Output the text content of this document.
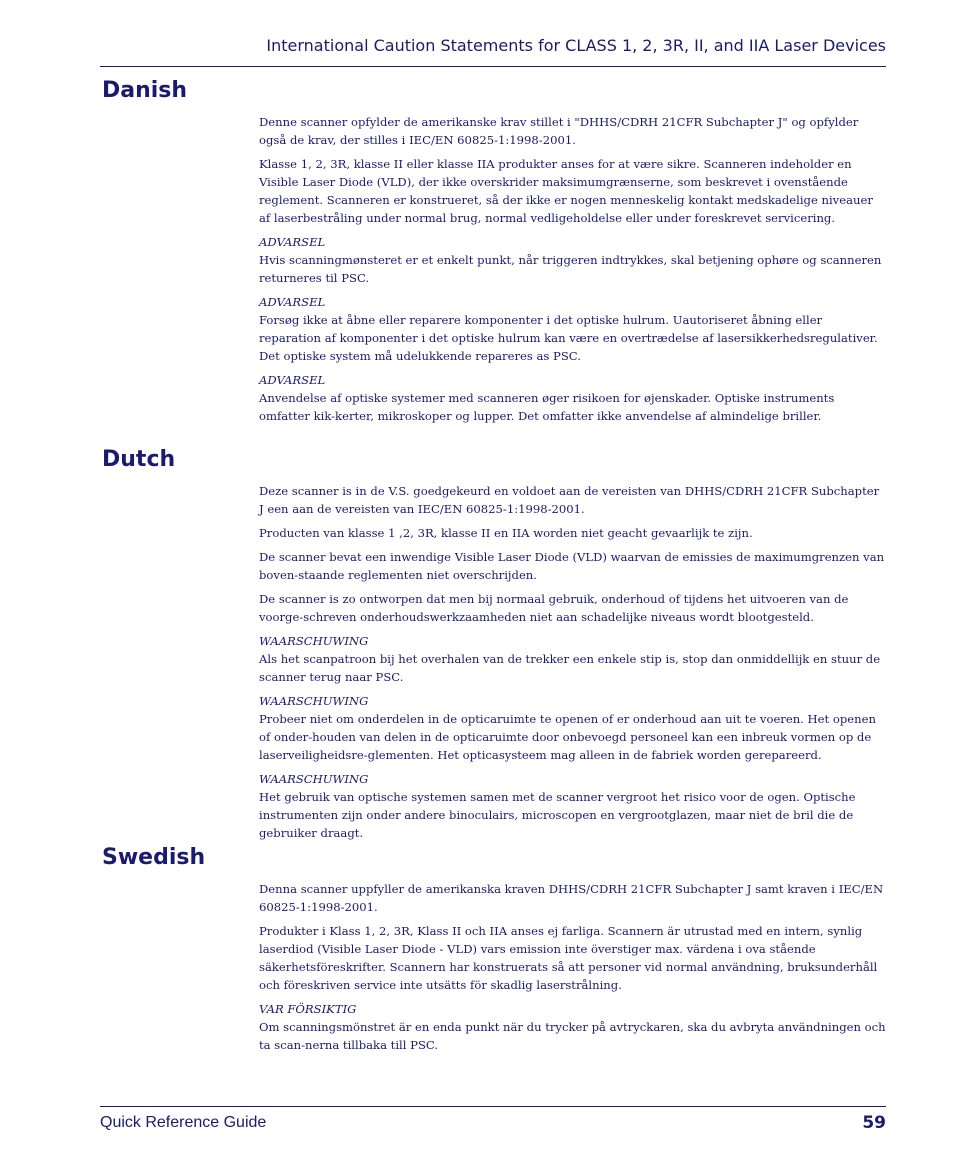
International Caution Statements for CLASS 1, 2, 3R, II, and IIA Laser Devices
Danish

Denne scanner opfylder de amerikanske krav stillet i "DHHS/CDRH 21CFR Subchapter J" og opfylder også de krav, der stilles i IEC/EN 60825-1:1998-2001.

Klasse 1, 2, 3R, klasse II eller klasse IIA produkter anses for at være sikre. Scanneren indeholder en Visible Laser Diode (VLD), der ikke overskrider maksimumgrænserne, som beskrevet i ovenstående reglement. Scanneren er konstrueret, så der ikke er nogen menneskelig kontakt medskadelige niveauer af laserbestråling under normal brug, normal vedligeholdelse eller under foreskrevet servicering.

ADVARSEL

Hvis scanningmønsteret er et enkelt punkt, når triggeren indtrykkes, skal betjening ophøre og scanneren returneres til PSC.

ADVARSEL

Forsøg ikke at åbne eller reparere komponenter i det optiske hulrum. Uautoriseret åbning eller reparation af komponenter i det optiske hulrum kan være en overtrædelse af lasersikkerhedsregulativer. Det optiske system må udelukkende repareres as PSC.

ADVARSEL

Anvendelse af optiske systemer med scanneren øger risikoen for øjenskader. Optiske instruments omfatter kik-kerter, mikroskoper og lupper. Det omfatter ikke anvendelse af almindelige briller.

Dutch

Deze scanner is in de V.S. goedgekeurd en voldoet aan de vereisten van DHHS/CDRH 21CFR Subchapter J een aan de vereisten van IEC/EN 60825-1:1998-2001.

Producten van klasse 1 ,2, 3R, klasse II en IIA worden niet geacht gevaarlijk te zijn.

De scanner bevat een inwendige Visible Laser Diode (VLD) waarvan de emissies de maximumgrenzen van boven-staande reglementen niet overschrijden.

De scanner is zo ontworpen dat men bij normaal gebruik, onderhoud of tijdens het uitvoeren van de voorge-schreven onderhoudswerkzaamheden niet aan schadelijke niveaus wordt blootgesteld.

WAARSCHUWING

Als het scanpatroon bij het overhalen van de trekker een enkele stip is, stop dan onmiddellijk en stuur de scanner terug naar PSC.

WAARSCHUWING

Probeer niet om onderdelen in de opticaruimte te openen of er onderhoud aan uit te voeren. Het openen of onder-houden van delen in de opticaruimte door onbevoegd personeel kan een inbreuk vormen op de laserveiligheidsre-glementen. Het opticasysteem mag alleen in de fabriek worden gerepareerd.

WAARSCHUWING

Het gebruik van optische systemen samen met de scanner vergroot het risico voor de ogen. Optische instrumenten zijn onder andere binoculairs, microscopen en vergrootglazen, maar niet de bril die de gebruiker draagt.

Swedish

Denna scanner uppfyller de amerikanska kraven DHHS/CDRH 21CFR Subchapter J samt kraven i IEC/EN 60825-1:1998-2001.

Produkter i Klass 1, 2, 3R, Klass II och IIA anses ej farliga. Scannern är utrustad med en intern, synlig laserdiod (Visible Laser Diode - VLD) vars emission inte överstiger max. värdena i ova stående säkerhetsföreskrifter. Scannern har konstruerats så att personer vid normal användning, bruksunderhåll och föreskriven service inte utsätts för skadlig laserstrålning.

VAR FÖRSIKTIG

Om scanningsmönstret är en enda punkt när du trycker på avtryckaren, ska du avbryta användningen och ta scan-nerna tillbaka till PSC.

Quick Reference Guide	59
